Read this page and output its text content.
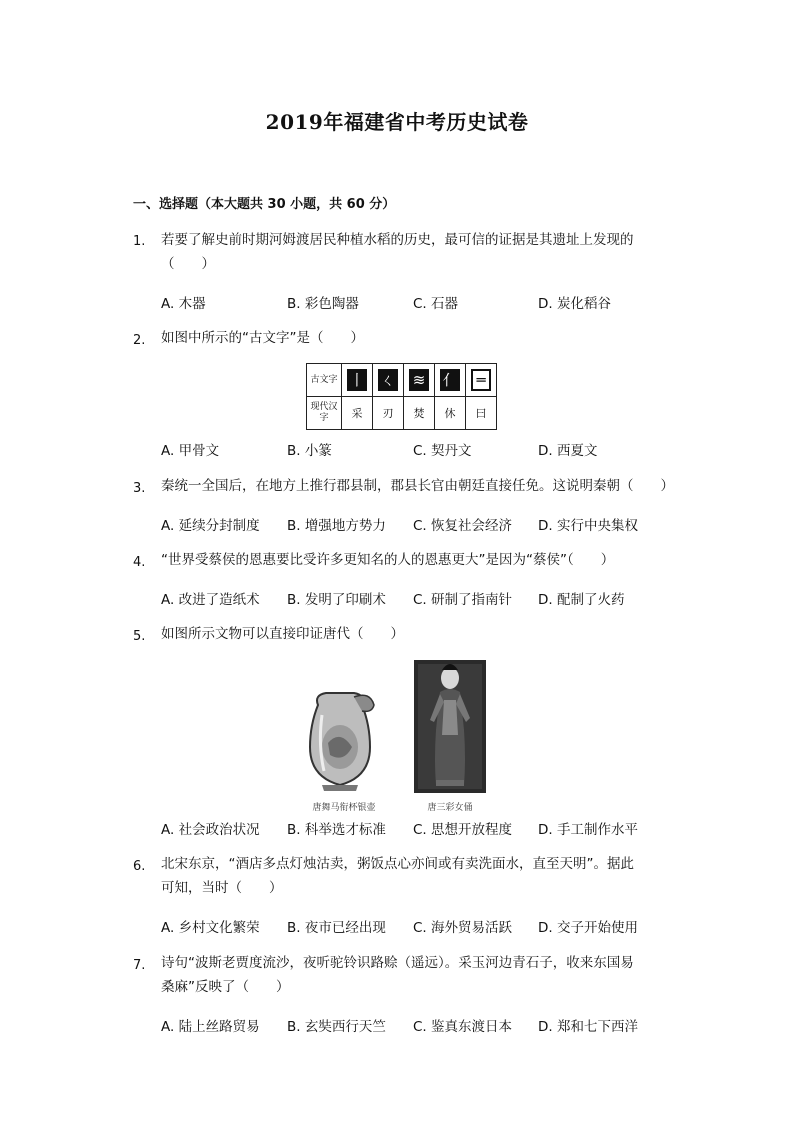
2019年福建省中考历史试卷
一、选择题（本大题共 30 小题，共 60 分）
1. 若要了解史前时期河姆渡居民种植水稻的历史，最可信的证据是其遗址上发现的
（　　）
A. 木器	B. 彩色陶器	C. 石器	D. 炭化稻谷
2. 如图中所示的“古文字”是（　　）
古文字	丨	ㄑ	≋	⺅	═
现代汉字	采	刃	焚	休	曰
A. 甲骨文	B. 小篆	C. 契丹文	D. 西夏文
3. 秦统一全国后，在地方上推行郡县制，郡县长官由朝廷直接任免。这说明秦朝（　　）
A. 延续分封制度 B. 增强地方势力 C. 恢复社会经济 D. 实行中央集权
4. “世界受蔡侯的恩惠要比受许多更知名的人的恩惠更大”是因为“蔡侯”（　　）
A. 改进了造纸术 B. 发明了印刷术 C. 研制了指南针 D. 配制了火药
5. 如图所示文物可以直接印证唐代（　　）
唐舞马衔杯银壶	唐三彩女俑
A. 社会政治状况 B. 科举选才标准 C. 思想开放程度 D. 手工制作水平
6. 北宋东京，“酒店多点灯烛沽卖，粥饭点心亦间或有卖洗面水，直至天明”。据此
可知，当时（　　）
A. 乡村文化繁荣 B. 夜市已经出现 C. 海外贸易活跃 D. 交子开始使用
7. 诗句“波斯老贾度流沙，夜听驼铃识路赊（遥远）。采玉河边青石子，收来东国易
桑麻”反映了（　　）
A. 陆上丝路贸易 B. 玄奘西行天竺 C. 鉴真东渡日本 D. 郑和七下西洋
